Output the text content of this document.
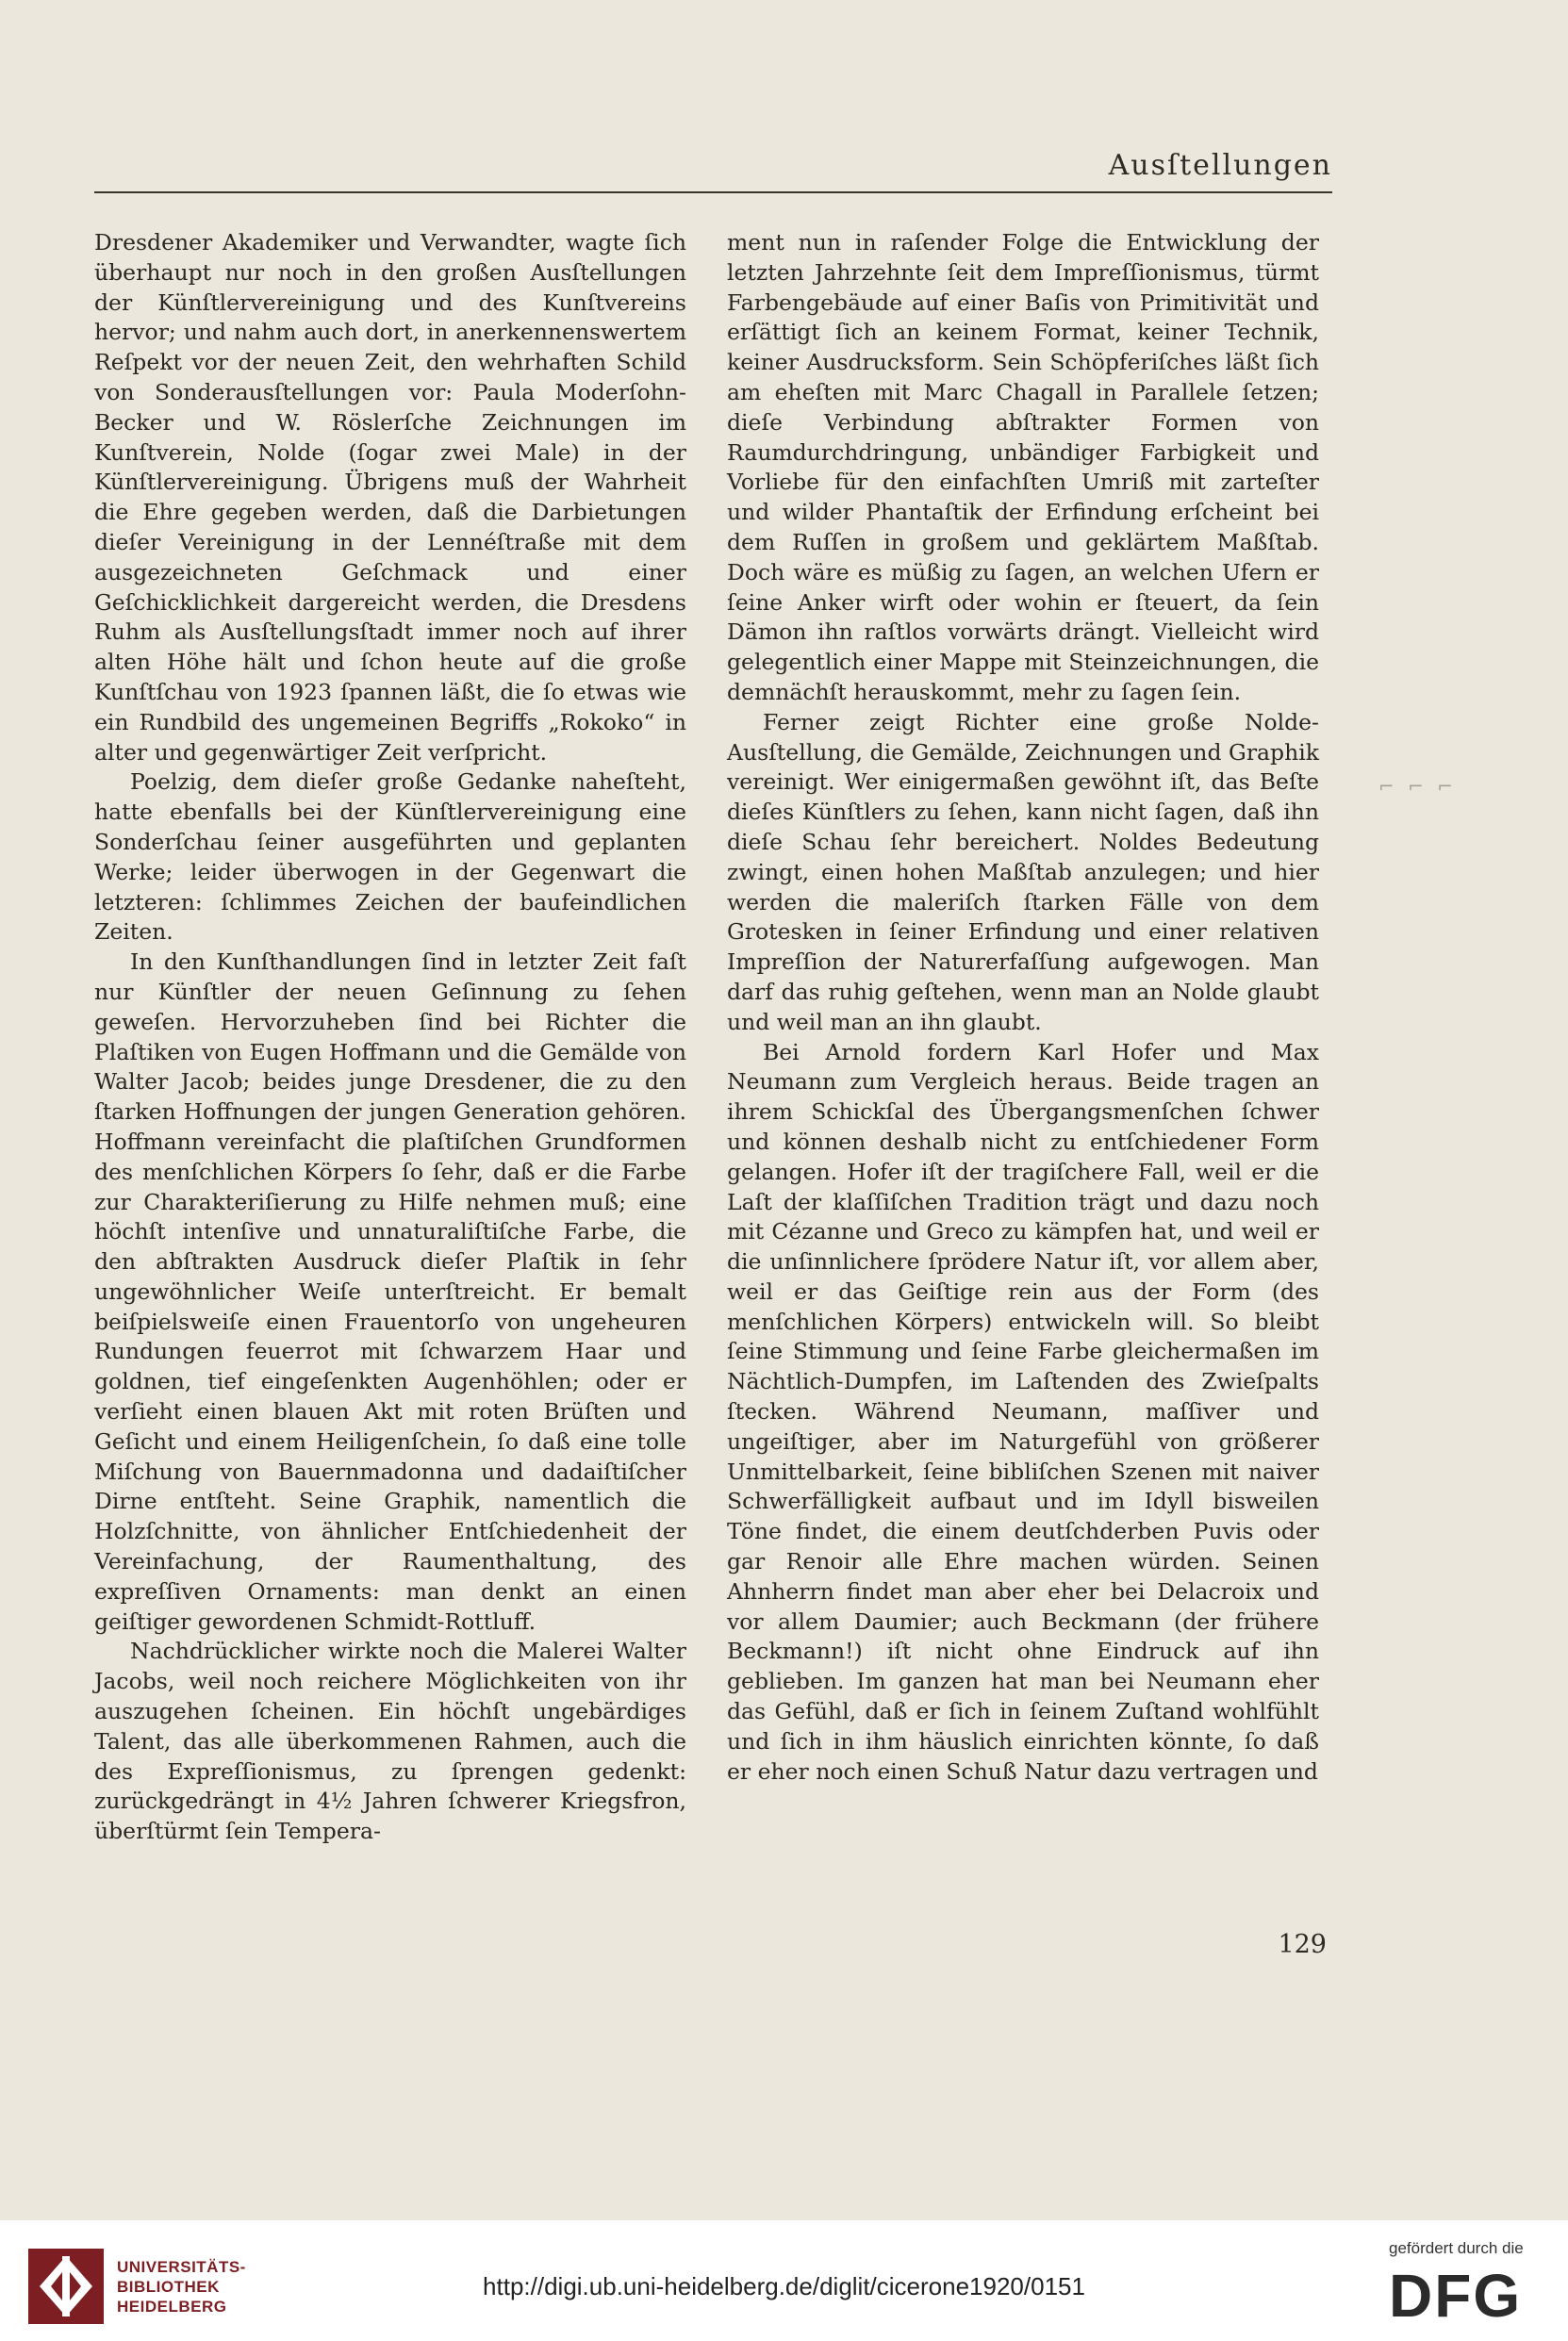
Ausſtellungen

Dresdener Akademiker und Verwandter, wagte ſich überhaupt nur noch in den großen Ausſtellungen der Künſtlervereinigung und des Kunſtvereins hervor; und nahm auch dort, in anerkennenswertem Reſpekt vor der neuen Zeit, den wehrhaften Schild von Sonderausſtellungen vor: Paula Moderſohn-Becker und W. Röslerſche Zeichnungen im Kunſtverein, Nolde (ſogar zwei Male) in der Künſtlervereinigung. Übrigens muß der Wahrheit die Ehre gegeben werden, daß die Darbietungen dieſer Vereinigung in der Lennéſtraße mit dem ausgezeichneten Geſchmack und einer Geſchicklichkeit dargereicht werden, die Dresdens Ruhm als Ausſtellungsſtadt immer noch auf ihrer alten Höhe hält und ſchon heute auf die große Kunſtſchau von 1923 ſpannen läßt, die ſo etwas wie ein Rundbild des ungemeinen Begriffs „Rokoko“ in alter und gegenwärtiger Zeit verſpricht.

Poelzig, dem dieſer große Gedanke naheſteht, hatte ebenfalls bei der Künſtlervereinigung eine Sonderſchau ſeiner ausgeführten und geplanten Werke; leider überwogen in der Gegenwart die letzteren: ſchlimmes Zeichen der baufeindlichen Zeiten.

In den Kunſthandlungen ſind in letzter Zeit faſt nur Künſtler der neuen Geſinnung zu ſehen geweſen. Hervorzuheben ſind bei Richter die Plaſtiken von Eugen Hoffmann und die Gemälde von Walter Jacob; beides junge Dresdener, die zu den ſtarken Hoffnungen der jungen Generation gehören. Hoffmann vereinfacht die plaſtiſchen Grundformen des menſchlichen Körpers ſo ſehr, daß er die Farbe zur Charakteriſierung zu Hilfe nehmen muß; eine höchſt intenſive und unnaturaliſtiſche Farbe, die den abſtrakten Ausdruck dieſer Plaſtik in ſehr ungewöhnlicher Weiſe unterſtreicht. Er bemalt beiſpielsweiſe einen Frauentorſo von ungeheuren Rundungen feuerrot mit ſchwarzem Haar und goldnen, tief eingeſenkten Augenhöhlen; oder er verſieht einen blauen Akt mit roten Brüſten und Geſicht und einem Heiligenſchein, ſo daß eine tolle Miſchung von Bauernmadonna und dadaiſtiſcher Dirne entſteht. Seine Graphik, namentlich die Holzſchnitte, von ähnlicher Entſchiedenheit der Vereinfachung, der Raumenthaltung, des expreſſiven Ornaments: man denkt an einen geiſtiger gewordenen Schmidt-Rottluff.

Nachdrücklicher wirkte noch die Malerei Walter Jacobs, weil noch reichere Möglichkeiten von ihr auszugehen ſcheinen. Ein höchſt ungebärdiges Talent, das alle überkommenen Rahmen, auch die des Expreſſionismus, zu ſprengen gedenkt: zurückgedrängt in 4½ Jahren ſchwerer Kriegsfron, überſtürmt ſein Tempera-

ment nun in raſender Folge die Entwicklung der letzten Jahrzehnte ſeit dem Impreſſionismus, türmt Farbengebäude auf einer Baſis von Primitivität und erſättigt ſich an keinem Format, keiner Technik, keiner Ausdrucksform. Sein Schöpferiſches läßt ſich am eheſten mit Marc Chagall in Parallele ſetzen; dieſe Verbindung abſtrakter Formen von Raumdurchdringung, unbändiger Farbigkeit und Vorliebe für den einfachſten Umriß mit zarteſter und wilder Phantaſtik der Erfindung erſcheint bei dem Ruſſen in großem und geklärtem Maßſtab. Doch wäre es müßig zu ſagen, an welchen Ufern er ſeine Anker wirft oder wohin er ſteuert, da ſein Dämon ihn raſtlos vorwärts drängt. Vielleicht wird gelegentlich einer Mappe mit Steinzeichnungen, die demnächſt herauskommt, mehr zu ſagen ſein.

Ferner zeigt Richter eine große Nolde-Ausſtellung, die Gemälde, Zeichnungen und Graphik vereinigt. Wer einigermaßen gewöhnt iſt, das Beſte dieſes Künſtlers zu ſehen, kann nicht ſagen, daß ihn dieſe Schau ſehr bereichert. Noldes Bedeutung zwingt, einen hohen Maßſtab anzulegen; und hier werden die maleriſch ſtarken Fälle von dem Grotesken in ſeiner Erfindung und einer relativen Impreſſion der Naturerfaſſung aufgewogen. Man darf das ruhig geſtehen, wenn man an Nolde glaubt und weil man an ihn glaubt.

Bei Arnold fordern Karl Hofer und Max Neumann zum Vergleich heraus. Beide tragen an ihrem Schickſal des Übergangsmenſchen ſchwer und können deshalb nicht zu entſchiedener Form gelangen. Hofer iſt der tragiſchere Fall, weil er die Laſt der klaſſiſchen Tradition trägt und dazu noch mit Cézanne und Greco zu kämpfen hat, und weil er die unſinnlichere ſprödere Natur iſt, vor allem aber, weil er das Geiſtige rein aus der Form (des menſchlichen Körpers) entwickeln will. So bleibt ſeine Stimmung und ſeine Farbe gleichermaßen im Nächtlich-Dumpfen, im Laſtenden des Zwieſpalts ſtecken. Während Neumann, maſſiver und ungeiſtiger, aber im Naturgefühl von größerer Unmittelbarkeit, ſeine bibliſchen Szenen mit naiver Schwerfälligkeit aufbaut und im Idyll bisweilen Töne findet, die einem deutſchderben Puvis oder gar Renoir alle Ehre machen würden. Seinen Ahnherrn findet man aber eher bei Delacroix und vor allem Daumier; auch Beckmann (der frühere Beckmann!) iſt nicht ohne Eindruck auf ihn geblieben. Im ganzen hat man bei Neumann eher das Gefühl, daß er ſich in ſeinem Zuſtand wohlfühlt und ſich in ihm häuslich einrichten könnte, ſo daß er eher noch einen Schuß Natur dazu vertragen und

⌐ ⌐ ⌐
129
UNIVERSITÄTS-
BIBLIOTHEK
HEIDELBERG
http://digi.ub.uni-heidelberg.de/diglit/cicerone1920/0151
gefördert durch die
DFG
